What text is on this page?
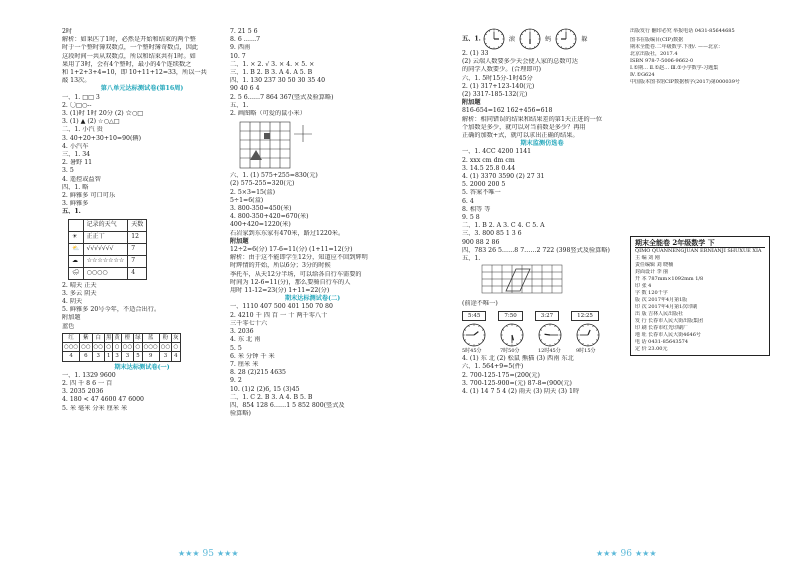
2时
解析：如果匹了1时，必然是开始和结束的两个整
时于一个整时簿双数点，一个整时簿奇数点，因此
这段时间一共从双数点，所以和结束共有1时。如
果用了3时，会有4个整时，最小的4个连续数之
和 1+2+3+4=10，即 10+11+12=33，所以一共
敲 13次。
第八单元达标测试卷(第16周)
一、1. □□ 3
2. 〇□○--
3. (1)时 1时 20分 (2) ☆○□
3. (1) ▲ (2) ☆○△□
二、1. 小汽 贵
3. 40+20+30+10=90(辆)
4. 小汽车
三、1. 34
2. 暑野 11
3. 5
4. 遥控或益智
四、1. 略
2. 鲜雅多 可口可乐
3. 鲜雅多
五、1.
	记录的天气	天数
☀	正正丅	12
⛅	√√√√√√√	7
☁	☆☆☆☆☆☆☆	7
🌧	○○○○	4
2. 晴天 正天
3. 多云 阴天
4. 阴天
5. 鲜雅多 20号今年，不适合出行。
附加题
蓝色
红	紫	白	黑	黄	橙	绿	蓝	粉	灰
○○○	○○	○○	○	○	○○	○	○○○	○○	○
4	6	3	1	3	3	5	9	3	4
期末达标测试卷(一)
一、1. 1329 9600
2. 四 千 8 6 一 百
3. 2035 2036
4. 180 < 47 4600 47 6000
5. 米 毫米 分米 厘米 米
7. 21 5 6
8. 6 ……7
9. 西南
10. 7
二、1. × 2. √ 3. × 4. × 5. ×
三、1. B 2. B 3. A 4. A 5. B
四、1. 130 237 30 50 30 35 40
90 40 6 4
2. 5 6……7 864 367(竖式及验算略)
五、1.
2. 画图略（可爱的鼠小米）
六、1. (1) 575+255=830(元)
(2) 575-255=320(元)
2. 5×3=15(盒)
5÷1=6(盒)
3. 800-350=450(米)
4. 800-350+420=670(米)
400+420=1220(米)
石岩家到东东家有470米，路过1220米。
附加题
12÷2=6(分) 17-6=11(分) (1+11=12(分)
解析：由于这不能即学生12分，知道应不回到辉明
时辉情的开始，所以6分；3分的时候
季托车，从天12分半场，可以给各自行车需要的
时间为 12-6=11(分)，那么要骑自行车的人
用时 11-12=23(分) 1+11=22(分)
期末达标测试卷(二)
一、1110 407 500 401 150 70 80
2. 4210 千 四 百 一 十 两千零八十
三千零七十六
3. 2036
4. 东 北 南
5. 5
6. 米 分钟 千 米
7. 厘米 米
8. 28 (2)215 4635
9. 2
10. (1)2 (2)6, 15 (3)45
二、1. C 2. B 3. A 4. B 5. B
四、854 128 6……1 5 852 800(竖式及
验算略)
★★★ 95 ★★★
五、1.	滚	蚂	躲
2. (1) 33
(2) 云端人数要多少天会使人家的总数可达
的同学人数要少。(合理即可)
六、1. 5时15分-1时45分
2. (1) 317+123-140(元)
(2) 3317-185-132(元)
附加题
816-654=162 162+456=618
解析：相同错误的结果和结果差的第1天正进的一位
个加数是多少，就可以对当前数是多少？再用
正确的加数+式，就可以求出正确的结果。
期末监测仿选卷
一、1. 4CC 4200 1141
2. xxx cm dm cm
3. 14.5 25.8 0.44
4. (1) 3370 3590 (2) 27 31
5. 2000 200 5
5. 答案不唯一
6. 4
8. 相等 等
9. 5 8
二、1. B 2. A 3. C 4. C 5. A
三、3. 800 85 1 3 6
900 88 2 86
四、783 26 5……8 7……2 722 (398竖式及验算略)
五、1.
(前途不唯一)
5:45	7:50	3:27	12:25
5时45分	7时50分	12时45分	9时15分
4. (1) 东 北 (2) 松鼠 熊猫 (3) 西南 东北
六、1. 564+9=5(件)
2. 700-125-175=(200(元)
3. 700-125-900=(元) 87-8=(900(元)
4. (1) 14 7 5 4 (2) 雨天 (3) 阴天 (3) 1時
出版发行 翻印必究 举报电话 0431-85644685
图书在版编目(CIP)数据
期末全能卷.二年级数学.下册/. ——北京：
北京出版社，2017.4
ISBN 978-7-5006-9662-0
Ⅰ.①期… Ⅱ.①赵… Ⅲ.①小学数学-习题集
Ⅳ.①G624
中国版本图书馆CIP数据核字(2017)第000039号
期末全能卷 2年级数学 下
QIMO QUANNENGJUAN ERNIANJI SHUXUE XIA
主 编 刘 刚
责任编辑 刘 晓楠
封面设计 李 丽
开 本 787mm×1092mm 1/8
印 张 4
字 数 120千字
版 次 2017年4月第1版
印 次 2017年4月第1次印刷
出 版 吉林人民出版社
发 行 长春市人民大街出版集团
印 刷 长春市红光印刷厂
地 址 长春市人民大街4646号
电 话 0431-85643574
定 价 23.00元
★★★ 96 ★★★
